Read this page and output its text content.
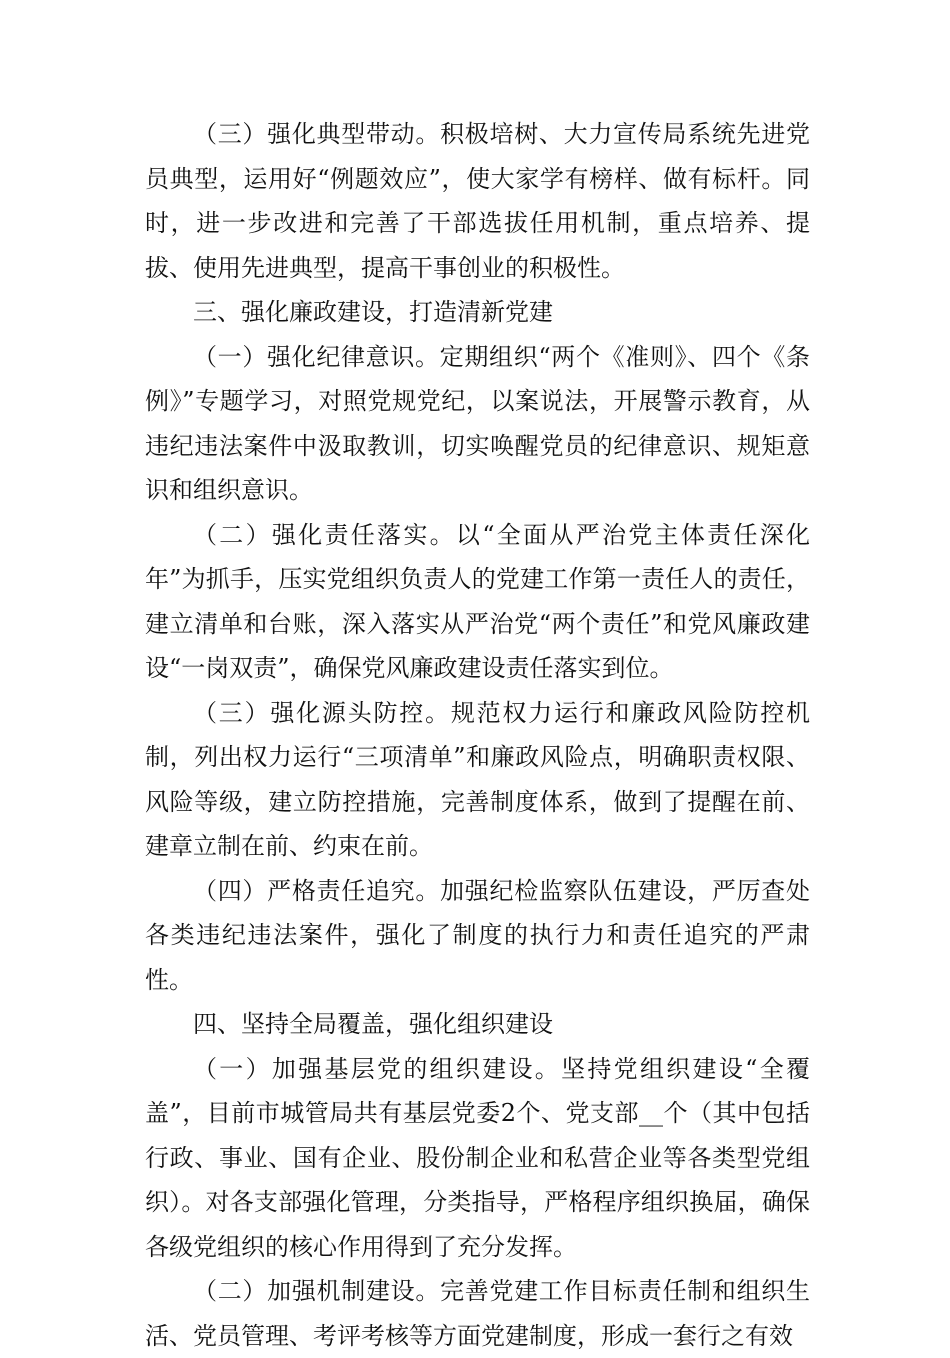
（三）强化典型带动。积极培树、大力宣传局系统先进党员典型，运用好“例题效应”，使大家学有榜样、做有标杆。同时，进一步改进和完善了干部选拔任用机制，重点培养、提拔、使用先进典型，提高干事创业的积极性。

三、强化廉政建设，打造清新党建

（一）强化纪律意识。定期组织“两个《准则》、四个《条例》”专题学习，对照党规党纪，以案说法，开展警示教育，从违纪违法案件中汲取教训，切实唤醒党员的纪律意识、规矩意识和组织意识。

（二）强化责任落实。以“全面从严治党主体责任深化年”为抓手，压实党组织负责人的党建工作第一责任人的责任，建立清单和台账，深入落实从严治党“两个责任”和党风廉政建设“一岗双责”，确保党风廉政建设责任落实到位。

（三）强化源头防控。规范权力运行和廉政风险防控机制，列出权力运行“三项清单”和廉政风险点，明确职责权限、风险等级，建立防控措施，完善制度体系，做到了提醒在前、建章立制在前、约束在前。

（四）严格责任追究。加强纪检监察队伍建设，严厉查处各类违纪违法案件，强化了制度的执行力和责任追究的严肃性。

四、坚持全局覆盖，强化组织建设

（一）加强基层党的组织建设。坚持党组织建设“全覆盖”，目前市城管局共有基层党委2个、党支部__个（其中包括行政、事业、国有企业、股份制企业和私营企业等各类型党组织）。对各支部强化管理，分类指导，严格程序组织换届，确保各级党组织的核心作用得到了充分发挥。

（二）加强机制建设。完善党建工作目标责任制和组织生活、党员管理、考评考核等方面党建制度，形成一套行之有效
